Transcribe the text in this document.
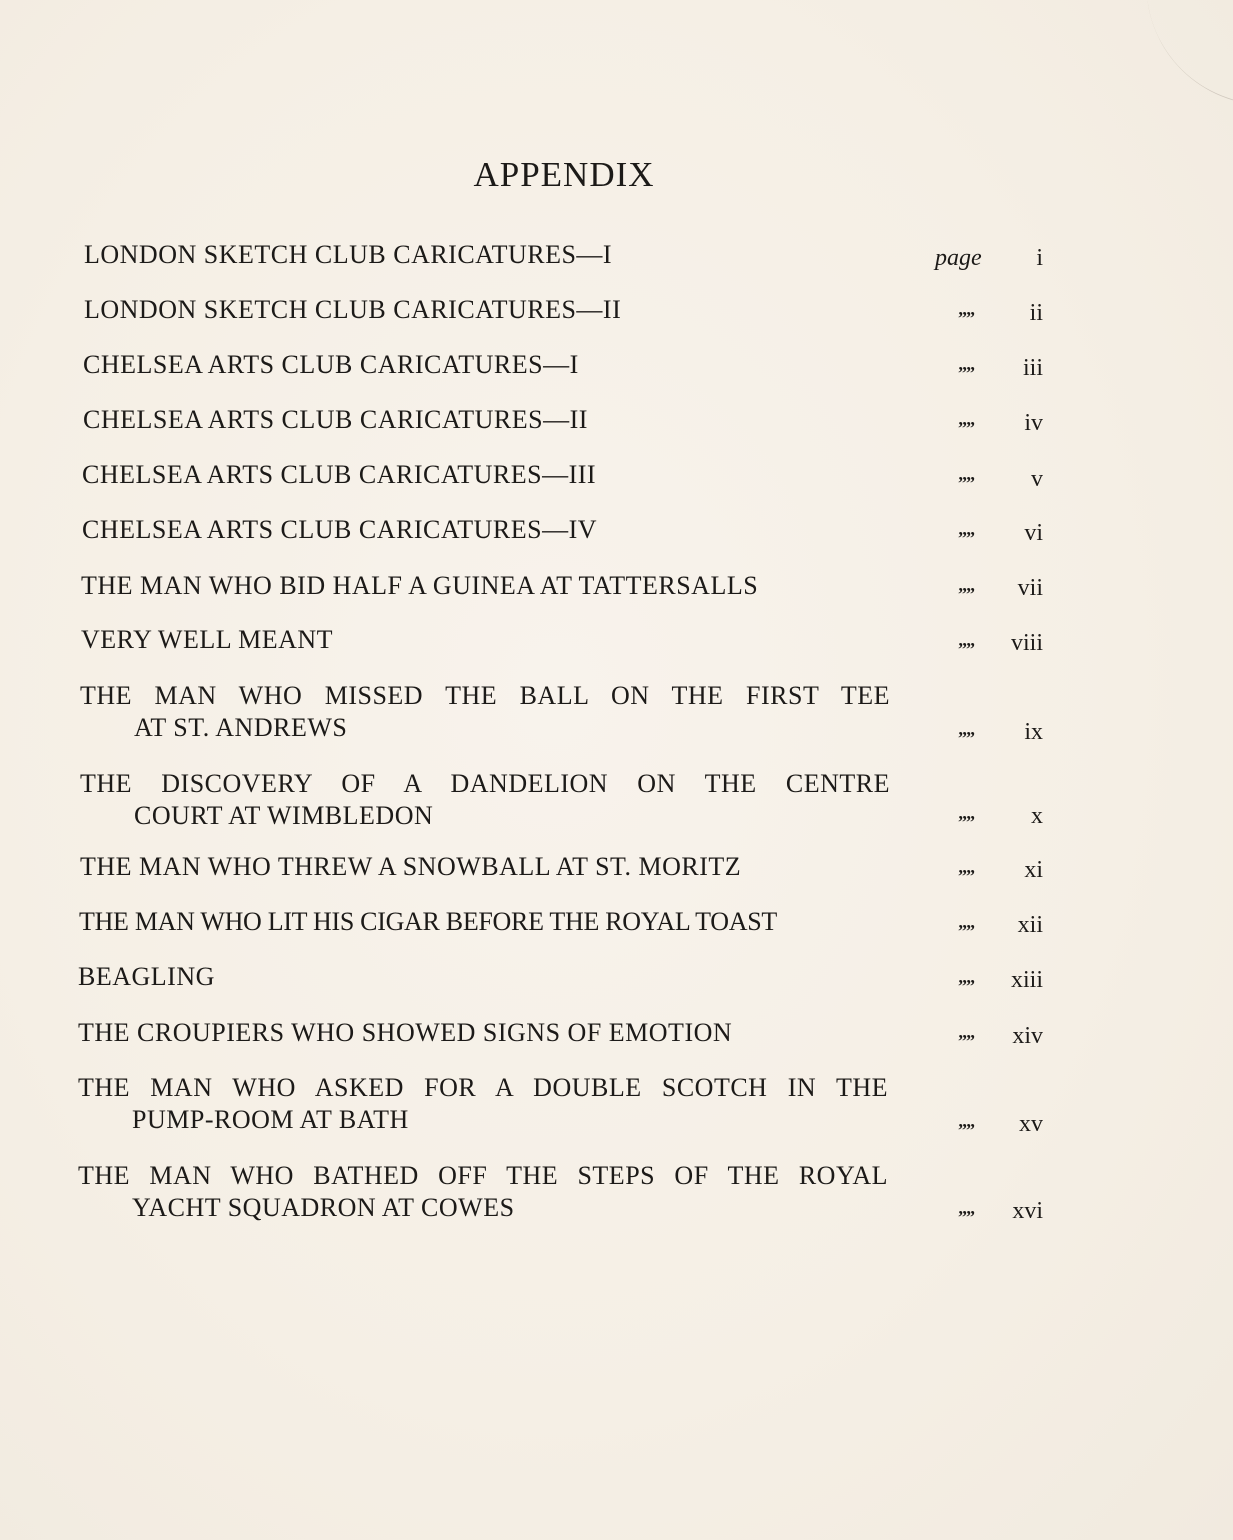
APPENDIX
LONDON SKETCH CLUB CARICATURES—I	page	i
LONDON SKETCH CLUB CARICATURES—II	””	ii
CHELSEA ARTS CLUB CARICATURES—I	””	iii
CHELSEA ARTS CLUB CARICATURES—II	””	iv
CHELSEA ARTS CLUB CARICATURES—III	””	v
CHELSEA ARTS CLUB CARICATURES—IV	””	vi
THE MAN WHO BID HALF A GUINEA AT TATTERSALLS	””	vii
VERY WELL MEANT	””	viii
THE MAN WHO MISSED THE BALL ON THE FIRST TEE
AT ST. ANDREWS	””	ix
THE DISCOVERY OF A DANDELION ON THE CENTRE
COURT AT WIMBLEDON	””	x
THE MAN WHO THREW A SNOWBALL AT ST. MORITZ	””	xi
THE MAN WHO LIT HIS CIGAR BEFORE THE ROYAL TOAST	””	xii
BEAGLING	””	xiii
THE CROUPIERS WHO SHOWED SIGNS OF EMOTION	””	xiv
THE MAN WHO ASKED FOR A DOUBLE SCOTCH IN THE
PUMP-ROOM AT BATH	””	xv
THE MAN WHO BATHED OFF THE STEPS OF THE ROYAL
YACHT SQUADRON AT COWES	””	xvi
